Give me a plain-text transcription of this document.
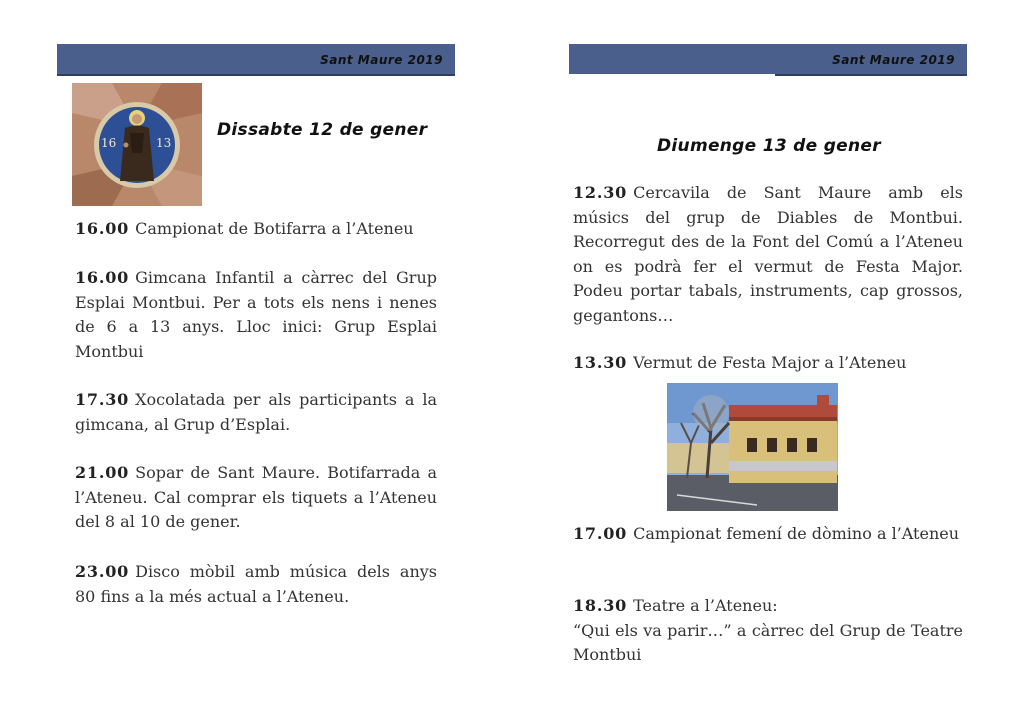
Sant Maure 2019
16	13
Dissabte 12 de gener
16.00 Campionat de Botifarra a l’Ateneu
16.00 Gimcana Infantil a càrrec del Grup Esplai Montbui. Per a tots els nens i nenes de 6 a 13 anys. Lloc inici: Grup Esplai Montbui
17.30 Xocolatada per als participants a la gimcana, al Grup d’Esplai.
21.00 Sopar de Sant Maure. Botifarrada a l’Ateneu. Cal comprar els tiquets a l’Ateneu del 8 al 10 de gener.
23.00 Disco mòbil amb música dels anys 80 fins a la més actual a l’Ateneu.
Sant Maure 2019
Diumenge 13 de gener
12.30 Cercavila de Sant Maure amb els músics del grup de Diables de Montbui. Recorregut des de la Font del Comú a l’Ateneu on es podrà fer el vermut de Festa Major. Podeu portar tabals, instruments, cap grossos, gegantons…
13.30 Vermut de Festa Major a l’Ateneu
17.00 Campionat femení de dòmino a l’Ateneu
18.30 Teatre a l’Ateneu:
“Qui els va parir…” a càrrec del Grup de Teatre Montbui
